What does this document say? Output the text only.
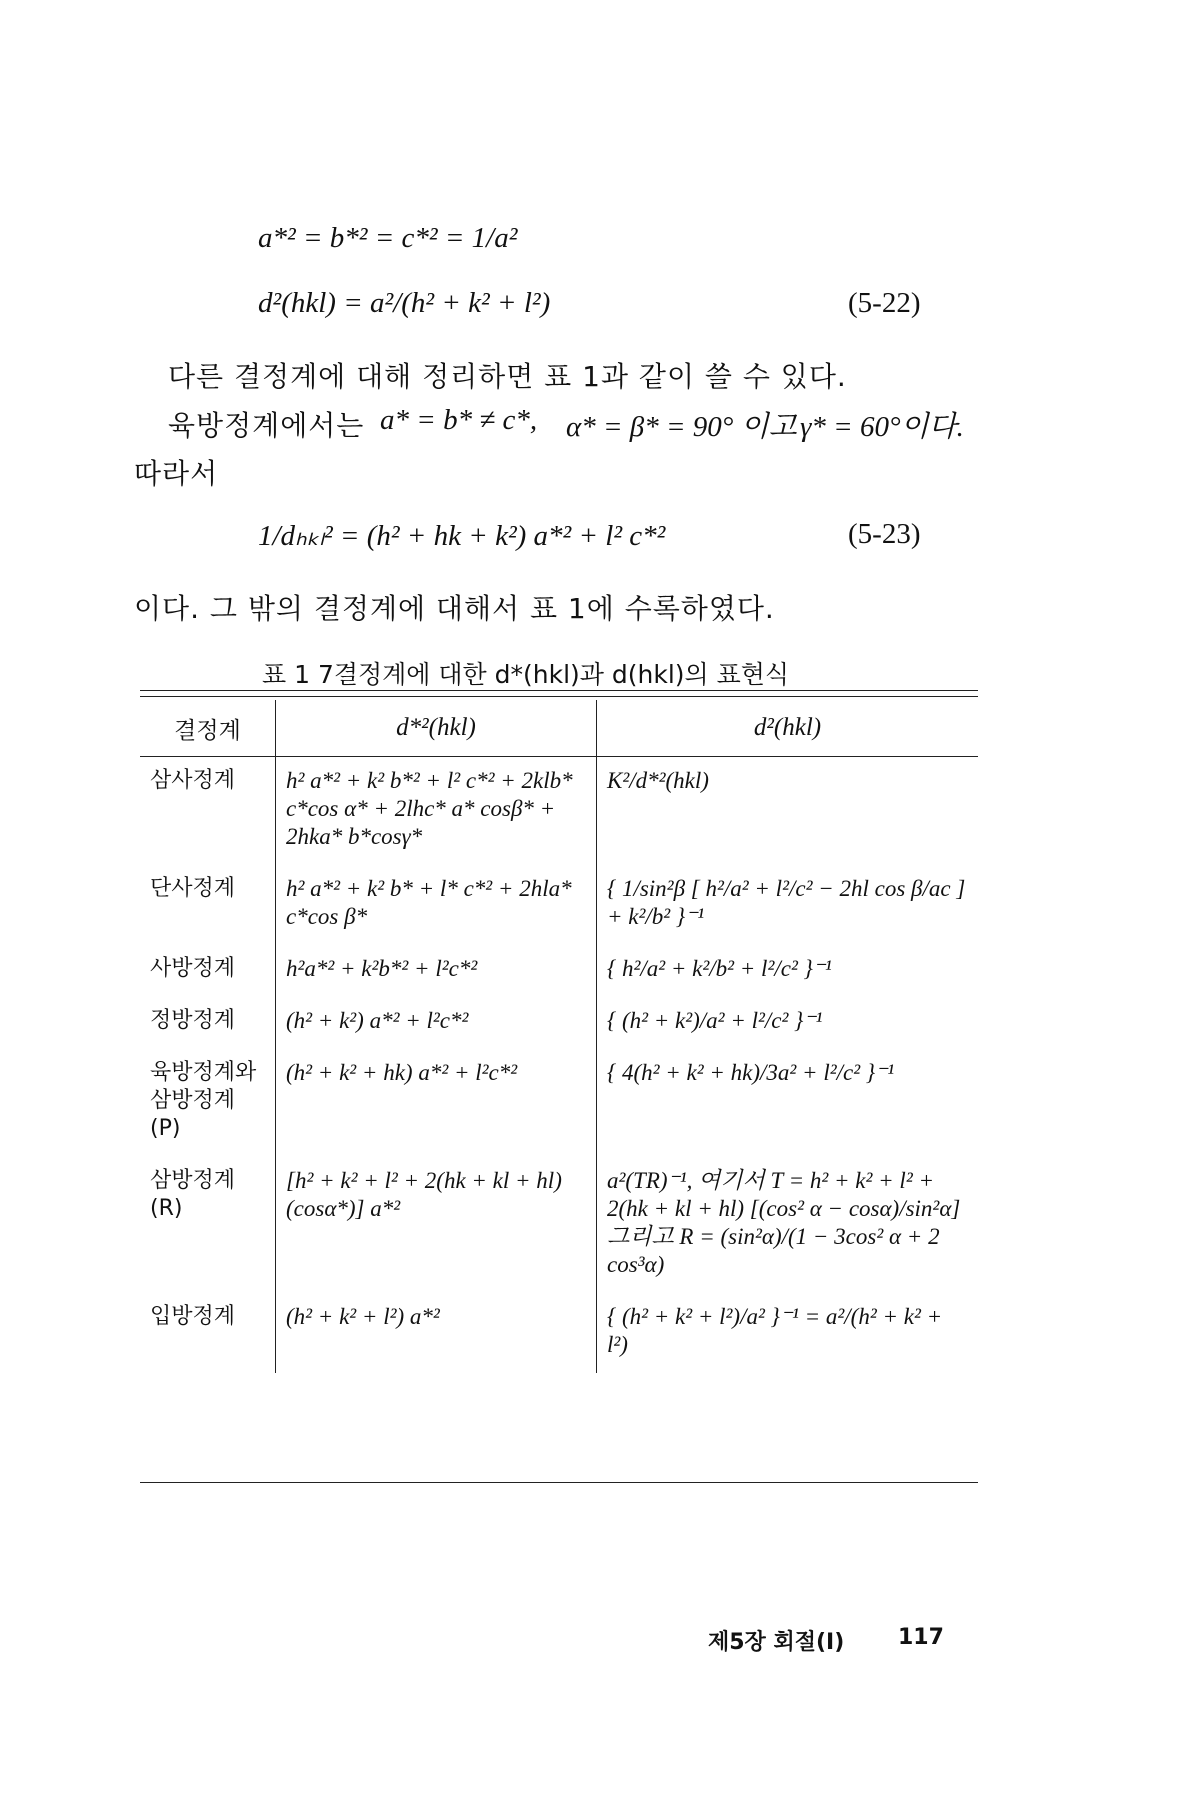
a*² = b*² = c*² = 1/a²
d²(hkl) = a²/(h² + k² + l²)	(5-22)
다른 결정계에 대해 정리하면 표 1과 같이 쓸 수 있다.
육방정계에서는 a* = b* ≠ c*, α* = β* = 90° 이고 γ* = 60°이다.
따라서
1/dₕₖₗ² = (h² + hk + k²) a*² + l² c*²	(5-23)
이다. 그 밖의 결정계에 대해서 표 1에 수록하였다.
표 1 7결정계에 대한 d*(hkl)과 d(hkl)의 표현식
결정계	d*²(hkl)	d²(hkl)
삼사정계	h² a*² + k² b*² + l² c*² + 2klb* c*cos α* + 2lhc* a* cosβ* + 2hka* b*cosγ*	K²/d*²(hkl)
단사정계	h² a*² + k² b* + l* c*² + 2hla* c*cos β*	{ 1/sin²β [ h²/a² + l²/c² − 2hl cos β/ac ] + k²/b² }⁻¹
사방정계	h²a*² + k²b*² + l²c*²	{ h²/a² + k²/b² + l²/c² }⁻¹
정방정계	(h² + k²) a*² + l²c*²	{ (h² + k²)/a² + l²/c² }⁻¹
육방정계와 삼방정계 (P)	(h² + k² + hk) a*² + l²c*²	{ 4(h² + k² + hk)/3a² + l²/c² }⁻¹
삼방정계 (R)	[h² + k² + l² + 2(hk + kl + hl) (cosα*)] a*²	a²(TR)⁻¹, 여기서 T = h² + k² + l² + 2(hk + kl + hl) [(cos² α − cosα)/sin²α] 그리고 R = (sin²α)/(1 − 3cos² α + 2 cos³α)
입방정계	(h² + k² + l²) a*²	{ (h² + k² + l²)/a² }⁻¹ = a²/(h² + k² + l²)
제5장 회절(I) 117
